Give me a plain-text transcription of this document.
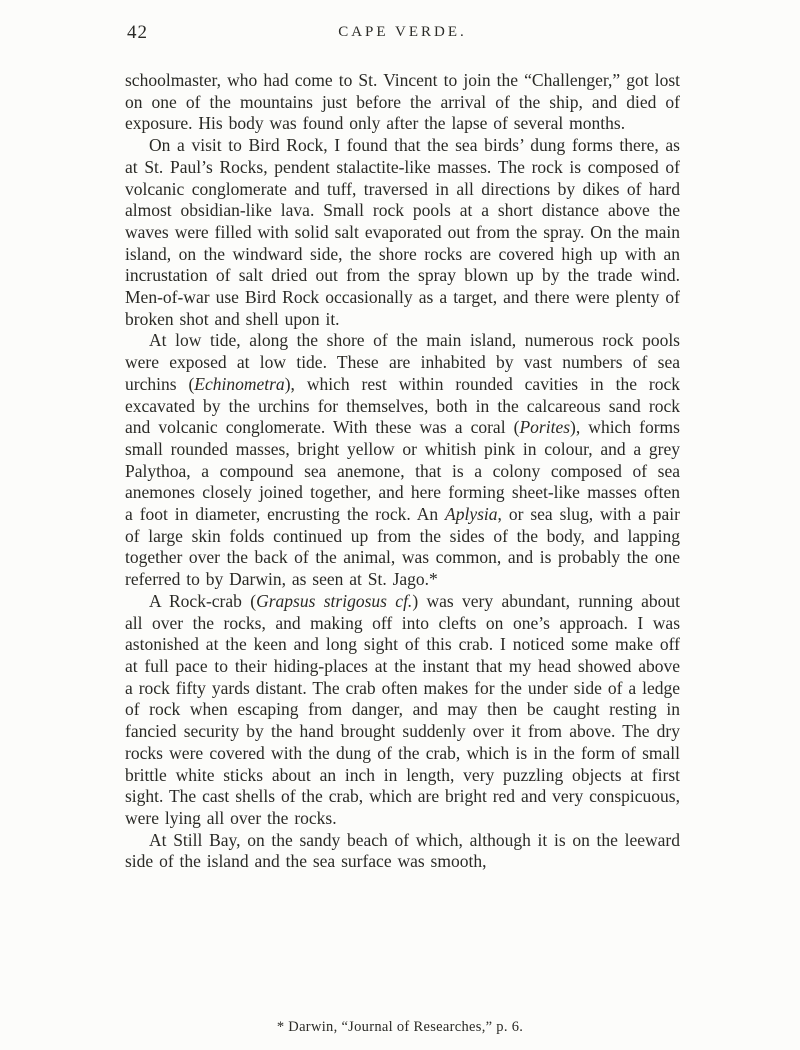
42	CAPE VERDE.

schoolmaster, who had come to St. Vincent to join the “Challenger,” got lost on one of the mountains just before the arrival of the ship, and died of exposure. His body was found only after the lapse of several months.

On a visit to Bird Rock, I found that the sea birds’ dung forms there, as at St. Paul’s Rocks, pendent stalactite-like masses. The rock is composed of volcanic conglomerate and tuff, traversed in all directions by dikes of hard almost obsidian-like lava. Small rock pools at a short distance above the waves were filled with solid salt evaporated out from the spray. On the main island, on the windward side, the shore rocks are covered high up with an incrustation of salt dried out from the spray blown up by the trade wind. Men-of-war use Bird Rock occasionally as a target, and there were plenty of broken shot and shell upon it.

At low tide, along the shore of the main island, numerous rock pools were exposed at low tide. These are inhabited by vast numbers of sea urchins (Echinometra), which rest within rounded cavities in the rock excavated by the urchins for themselves, both in the calcareous sand rock and volcanic conglomerate. With these was a coral (Porites), which forms small rounded masses, bright yellow or whitish pink in colour, and a grey Palythoa, a compound sea anemone, that is a colony composed of sea anemones closely joined together, and here forming sheet-like masses often a foot in diameter, encrusting the rock. An Aplysia, or sea slug, with a pair of large skin folds continued up from the sides of the body, and lapping together over the back of the animal, was common, and is probably the one referred to by Darwin, as seen at St. Jago.*

A Rock-crab (Grapsus strigosus cf.) was very abundant, running about all over the rocks, and making off into clefts on one’s approach. I was astonished at the keen and long sight of this crab. I noticed some make off at full pace to their hiding-places at the instant that my head showed above a rock fifty yards distant. The crab often makes for the under side of a ledge of rock when escaping from danger, and may then be caught resting in fancied security by the hand brought suddenly over it from above. The dry rocks were covered with the dung of the crab, which is in the form of small brittle white sticks about an inch in length, very puzzling objects at first sight. The cast shells of the crab, which are bright red and very conspicuous, were lying all over the rocks.

At Still Bay, on the sandy beach of which, although it is on the leeward side of the island and the sea surface was smooth,

* Darwin, “Journal of Researches,” p. 6.
